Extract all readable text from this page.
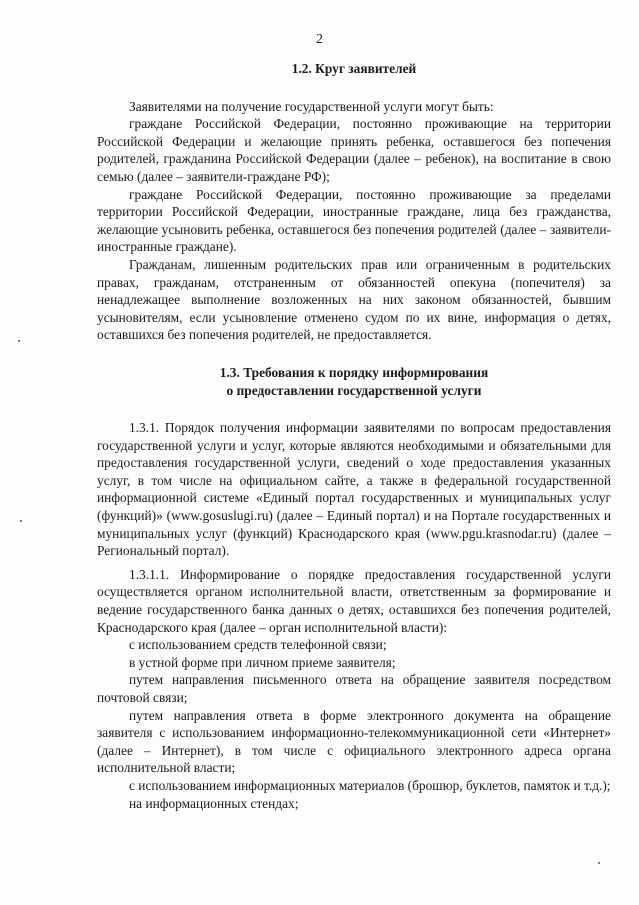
2

1.2. Круг заявителей

Заявителями на получение государственной услуги могут быть:

граждане Российской Федерации, постоянно проживающие на территории Российской Федерации и желающие принять ребенка, оставшегося без попечения родителей, гражданина Российской Федерации (далее – ребенок), на воспитание в свою семью (далее – заявители-граждане РФ);

граждане Российской Федерации, постоянно проживающие за пределами территории Российской Федерации, иностранные граждане, лица без гражданства, желающие усыновить ребенка, оставшегося без попечения родителей (далее – заявители-иностранные граждане).

Гражданам, лишенным родительских прав или ограниченным в родительских правах, гражданам, отстраненным от обязанностей опекуна (попечителя) за ненадлежащее выполнение возложенных на них законом обязанностей, бывшим усыновителям, если усыновление отменено судом по их вине, информация о детях, оставшихся без попечения родителей, не предоставляется.

1.3. Требования к порядку информирования

о предоставлении государственной услуги

1.3.1. Порядок получения информации заявителями по вопросам предоставления государственной услуги и услуг, которые являются необходимыми и обязательными для предоставления государственной услуги, сведений о ходе предоставления указанных услуг, в том числе на официальном сайте, а также в федеральной государственной информационной системе «Единый портал государственных и муниципальных услуг (функций)» (www.gosuslugi.ru) (далее – Единый портал) и на Портале государственных и муниципальных услуг (функций) Краснодарского края (www.pgu.krasnodar.ru) (далее – Региональный портал).

1.3.1.1. Информирование о порядке предоставления государственной услуги осуществляется органом исполнительной власти, ответственным за формирование и ведение государственного банка данных о детях, оставшихся без попечения родителей, Краснодарского края (далее – орган исполнительной власти):

с использованием средств телефонной связи;

в устной форме при личном приеме заявителя;

путем направления письменного ответа на обращение заявителя посредством почтовой связи;

путем направления ответа в форме электронного документа на обращение заявителя с использованием информационно-телекоммуникационной сети «Интернет» (далее – Интернет), в том числе с официального электронного адреса органа исполнительной власти;

с использованием информационных материалов (брошюр, буклетов, памяток и т.д.);

на информационных стендах;
